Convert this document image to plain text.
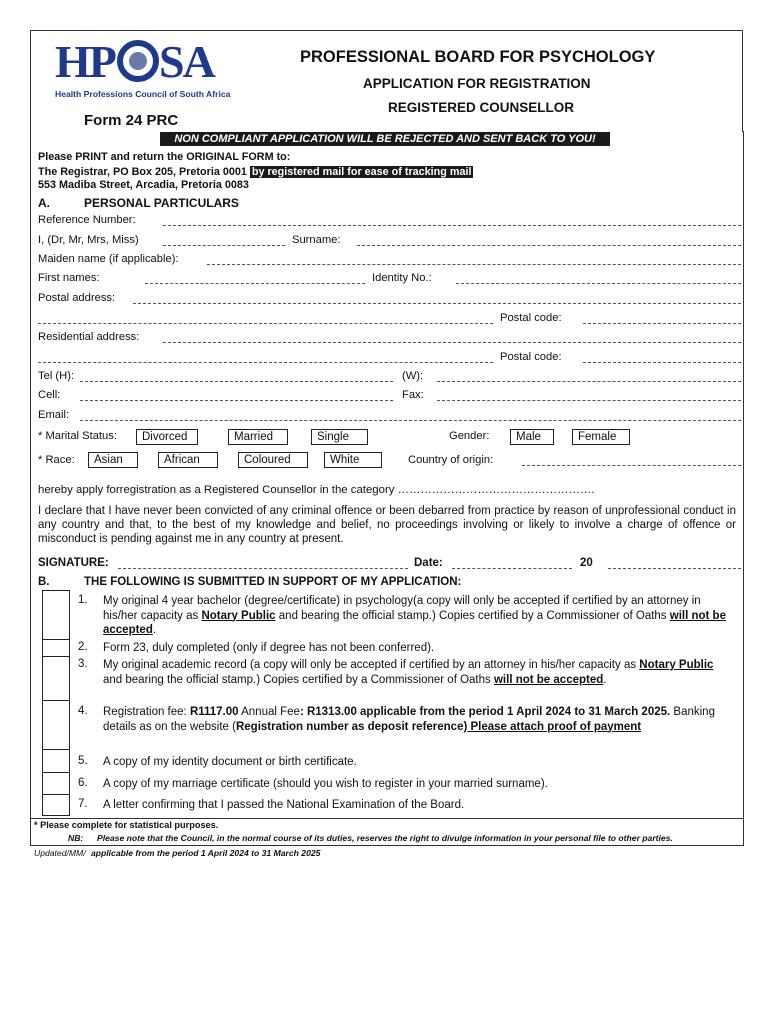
HP SA
Health Professions Council of South Africa
Form 24 PRC
PROFESSIONAL BOARD FOR PSYCHOLOGY
APPLICATION FOR REGISTRATION
REGISTERED COUNSELLOR
NON COMPLIANT APPLICATION WILL BE REJECTED AND SENT BACK TO YOU!
Please PRINT and return the ORIGINAL FORM to:
The Registrar, PO Box 205, Pretoria 0001 by registered mail for ease of tracking mail
553 Madiba Street, Arcadia, Pretoria 0083
A.	PERSONAL PARTICULARS
Reference Number:
I, (Dr, Mr, Mrs, Miss)	Surname:
Maiden name (if applicable):
First names:	Identity No.:
Postal address:
Postal code:
Residential address:
Postal code:
Tel (H):	(W):
Cell:	Fax:
Email:
* Marital Status:	Divorced	Married	Single	Gender:	Male	Female
* Race:	Asian	African	Coloured	White	Country of origin:
hereby apply forregistration as a Registered Counsellor in the category …………………………………………….
I declare that I have never been convicted of any criminal offence or been debarred from practice by reason of unprofessional conduct in any country and that, to the best of my knowledge and belief, no proceedings involving or likely to involve a charge of offence or misconduct is pending against me in any country at present.
SIGNATURE:	Date:	20
B.	THE FOLLOWING IS SUBMITTED IN SUPPORT OF MY APPLICATION:
1. My original 4 year bachelor (degree/certificate) in psychology(a copy will only be accepted if certified by an attorney in his/her capacity as Notary Public and bearing the official stamp.) Copies certified by a Commissioner of Oaths will not be accepted.
2. Form 23, duly completed (only if degree has not been conferred).
3. My original academic record (a copy will only be accepted if certified by an attorney in his/her capacity as Notary Public and bearing the official stamp.) Copies certified by a Commissioner of Oaths will not be accepted.
4. Registration fee: R1117.00 Annual Fee: R1313.00 applicable from the period 1 April 2024 to 31 March 2025. Banking details as on the website (Registration number as deposit reference) Please attach proof of payment
5. A copy of my identity document or birth certificate.
6. A copy of my marriage certificate (should you wish to register in your married surname).
7. A letter confirming that I passed the National Examination of the Board.
* Please complete for statistical purposes.
NB: Please note that the Council, in the normal course of its duties, reserves the right to divulge information in your personal file to other parties.
Updated/MM/ applicable from the period 1 April 2024 to 31 March 2025
